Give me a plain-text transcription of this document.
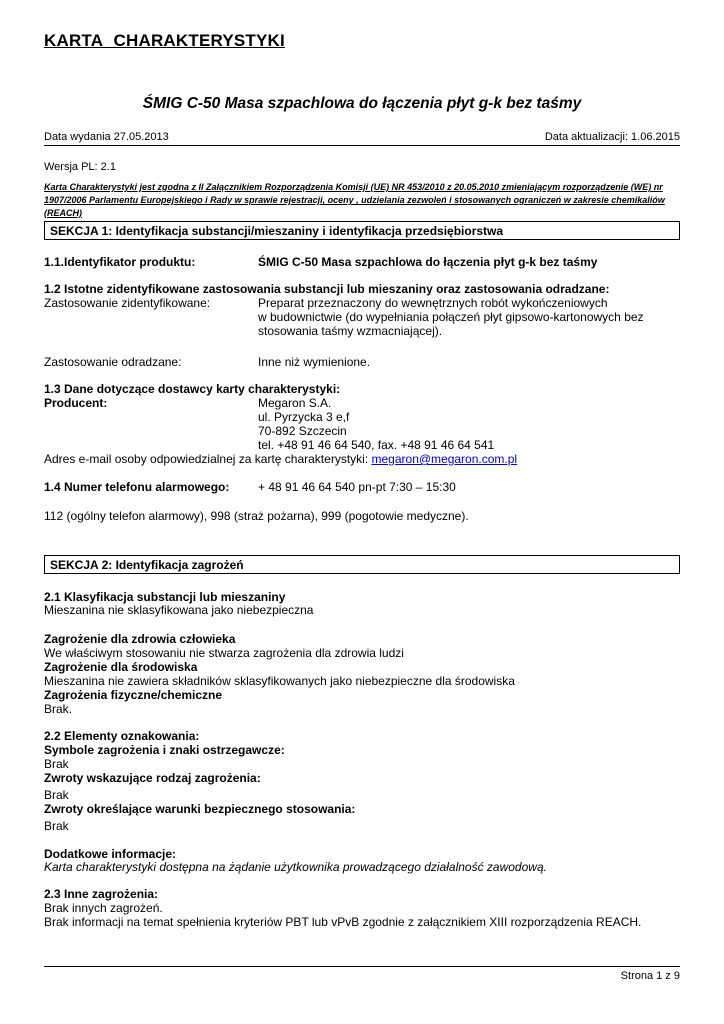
KARTA CHARAKTERYSTYKI
ŚMIG C-50 Masa szpachlowa do łączenia płyt g-k bez taśmy
Data wydania 27.05.2013	Data aktualizacji: 1.06.2015
Wersja PL: 2.1
Karta Charakterystyki jest zgodna z II Załącznikiem Rozporządzenia Komisji (UE) NR 453/2010 z 20.05.2010 zmieniającym rozporządzenie (WE) nr 1907/2006 Parlamentu Europejskiego i Rady w sprawie rejestracji, oceny , udzielania zezwoleń i stosowanych ograniczeń w zakresie chemikaliów (REACH)
SEKCJA 1: Identyfikacja substancji/mieszaniny i identyfikacja przedsiębiorstwa
1.1.Identyfikator produktu:	ŚMIG C-50 Masa szpachlowa do łączenia płyt g-k bez taśmy
1.2 Istotne zidentyfikowane zastosowania substancji lub mieszaniny oraz zastosowania odradzane:
Zastosowanie zidentyfikowane:	Preparat przeznaczony do wewnętrznych robót wykończeniowych
w budownictwie (do wypełniania połączeń płyt gipsowo-kartonowych bez
stosowania taśmy wzmacniającej).
Zastosowanie odradzane:	Inne niż wymienione.
1.3 Dane dotyczące dostawcy karty charakterystyki:
Producent:	Megaron S.A.
ul. Pyrzycka 3 e,f
70-892 Szczecin
tel. +48 91 46 64 540, fax. +48 91 46 64 541
Adres e-mail osoby odpowiedzialnej za kartę charakterystyki: megaron@megaron.com.pl
1.4 Numer telefonu alarmowego: + 48 91 46 64 540 pn-pt 7:30 – 15:30
112 (ogólny telefon alarmowy), 998 (straż pożarna), 999 (pogotowie medyczne).
SEKCJA 2: Identyfikacja zagrożeń
2.1 Klasyfikacja substancji lub mieszaniny
Mieszanina nie sklasyfikowana jako niebezpieczna
Zagrożenie dla zdrowia człowieka
We właściwym stosowaniu nie stwarza zagrożenia dla zdrowia ludzi
Zagrożenie dla środowiska
Mieszanina nie zawiera składników sklasyfikowanych jako niebezpieczne dla środowiska
Zagrożenia fizyczne/chemiczne
Brak.
2.2 Elementy oznakowania:
Symbole zagrożenia i znaki ostrzegawcze:
Brak
Zwroty wskazujące rodzaj zagrożenia:
Brak
Zwroty określające warunki bezpiecznego stosowania:
Brak
Dodatkowe informacje:
Karta charakterystyki dostępna na żądanie użytkownika prowadzącego działalność zawodową.
2.3 Inne zagrożenia:
Brak innych zagrożeń.
Brak informacji na temat spełnienia kryteriów PBT lub vPvB zgodnie z załącznikiem XIII rozporządzenia REACH.
Strona 1 z 9
